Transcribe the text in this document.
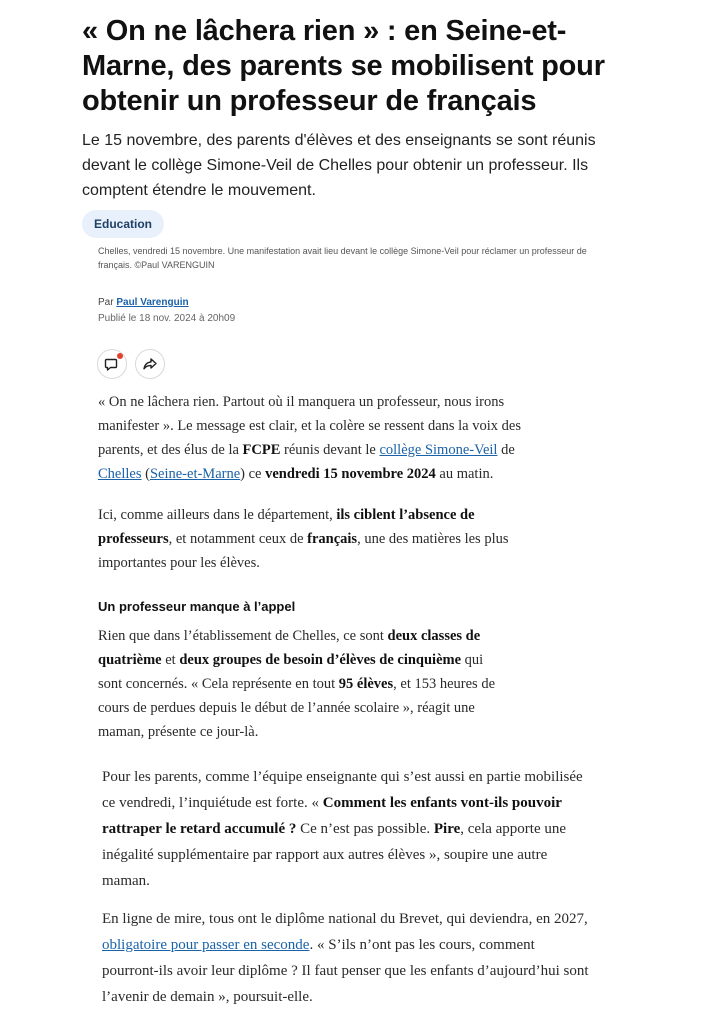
« On ne lâchera rien » : en Seine-et-Marne, des parents se mobilisent pour obtenir un professeur de français

Le 15 novembre, des parents d'élèves et des enseignants se sont réunis devant le collège Simone-Veil de Chelles pour obtenir un professeur. Ils comptent étendre le mouvement.

Education

Chelles, vendredi 15 novembre. Une manifestation avait lieu devant le collège Simone-Veil pour réclamer un professeur de français. ©Paul VARENGUIN

Par Paul Varenguin
Publié le 18 nov. 2024 à 20h09

« On ne lâchera rien. Partout où il manquera un professeur, nous irons manifester ». Le message est clair, et la colère se ressent dans la voix des parents, et des élus de la FCPE réunis devant le collège Simone-Veil de Chelles (Seine-et-Marne) ce vendredi 15 novembre 2024 au matin.

Ici, comme ailleurs dans le département, ils ciblent l’absence de professeurs, et notamment ceux de français, une des matières les plus importantes pour les élèves.

Un professeur manque à l’appel

Rien que dans l’établissement de Chelles, ce sont deux classes de quatrième et deux groupes de besoin d’élèves de cinquième qui sont concernés. « Cela représente en tout 95 élèves, et 153 heures de cours de perdues depuis le début de l’année scolaire », réagit une maman, présente ce jour-là.

Pour les parents, comme l’équipe enseignante qui s’est aussi en partie mobilisée ce vendredi, l’inquiétude est forte. « Comment les enfants vont-ils pouvoir rattraper le retard accumulé ? Ce n’est pas possible. Pire, cela apporte une inégalité supplémentaire par rapport aux autres élèves », soupire une autre maman.

En ligne de mire, tous ont le diplôme national du Brevet, qui deviendra, en 2027, obligatoire pour passer en seconde. « S’ils n’ont pas les cours, comment pourront-ils avoir leur diplôme ? Il faut penser que les enfants d’aujourd’hui sont l’avenir de demain », poursuit-elle.
